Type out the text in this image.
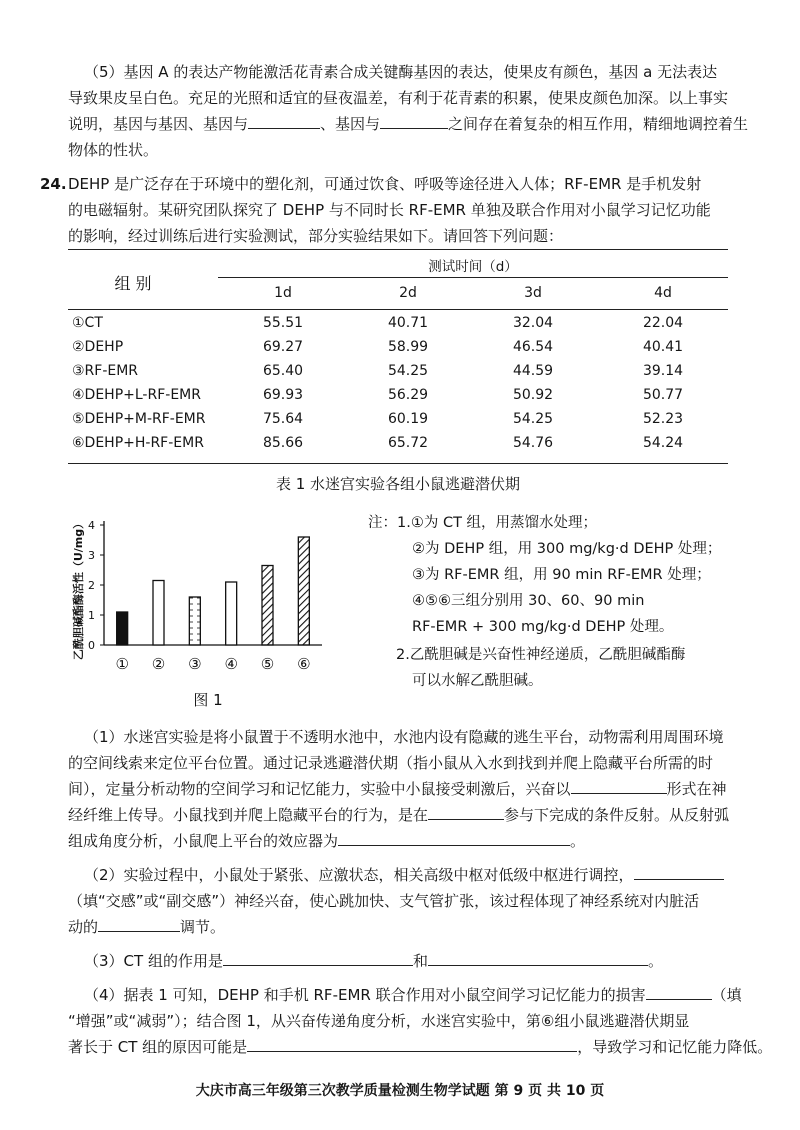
（5）基因 A 的表达产物能激活花青素合成关键酶基因的表达，使果皮有颜色，基因 a 无法表达
导致果皮呈白色。充足的光照和适宜的昼夜温差，有利于花青素的积累，使果皮颜色加深。以上事实
说明，基因与基因、基因与	、基因与	之间存在着复杂的相互作用，精细地调控着生
物体的性状。
24. DEHP 是广泛存在于环境中的塑化剂，可通过饮食、呼吸等途径进入人体；RF-EMR 是手机发射
的电磁辐射。某研究团队探究了 DEHP 与不同时长 RF-EMR 单独及联合作用对小鼠学习记忆功能
的影响，经过训练后进行实验测试，部分实验结果如下。请回答下列问题：
测试时间（d）
组 别	1d	2d	3d	4d
①CT	55.51	40.71	32.04	22.04
②DEHP	69.27	58.99	46.54	40.41
③RF-EMR	65.40	54.25	44.59	39.14
④DEHP+L-RF-EMR	69.93	56.29	50.92	50.77
⑤DEHP+M-RF-EMR	75.64	60.19	54.25	52.23
⑥DEHP+H-RF-EMR	85.66	65.72	54.76	54.24
表 1 水迷宫实验各组小鼠逃避潜伏期
乙酰胆碱酯酶活性（U/mg） 0
1
2
3
4
① ② ③ ④ ⑤ ⑥
图 1
注：1.①为 CT 组，用蒸馏水处理；
②为 DEHP 组，用 300 mg/kg·d DEHP 处理；
③为 RF-EMR 组，用 90 min RF-EMR 处理；
④⑤⑥三组分别用 30、60、90 min
RF-EMR + 300 mg/kg·d DEHP 处理。
2.乙酰胆碱是兴奋性神经递质，乙酰胆碱酯酶
可以水解乙酰胆碱。
（1）水迷宫实验是将小鼠置于不透明水池中，水池内设有隐藏的逃生平台，动物需利用周围环境
的空间线索来定位平台位置。通过记录逃避潜伏期（指小鼠从入水到找到并爬上隐藏平台所需的时
间），定量分析动物的空间学习和记忆能力，实验中小鼠接受刺激后，兴奋以	形式在神
经纤维上传导。小鼠找到并爬上隐藏平台的行为，是在	参与下完成的条件反射。从反射弧
组成角度分析，小鼠爬上平台的效应器为	。
（2）实验过程中，小鼠处于紧张、应激状态，相关高级中枢对低级中枢进行调控，
（填“交感”或“副交感”）神经兴奋，使心跳加快、支气管扩张，该过程体现了神经系统对内脏活
动的	调节。
（3）CT 组的作用是	和	。
（4）据表 1 可知，DEHP 和手机 RF-EMR 联合作用对小鼠空间学习记忆能力的损害	（填
“增强”或“减弱”）；结合图 1，从兴奋传递角度分析，水迷宫实验中，第⑥组小鼠逃避潜伏期显
著长于 CT 组的原因可能是	，导致学习和记忆能力降低。
大庆市高三年级第三次教学质量检测生物学试题 第 9 页 共 10 页
